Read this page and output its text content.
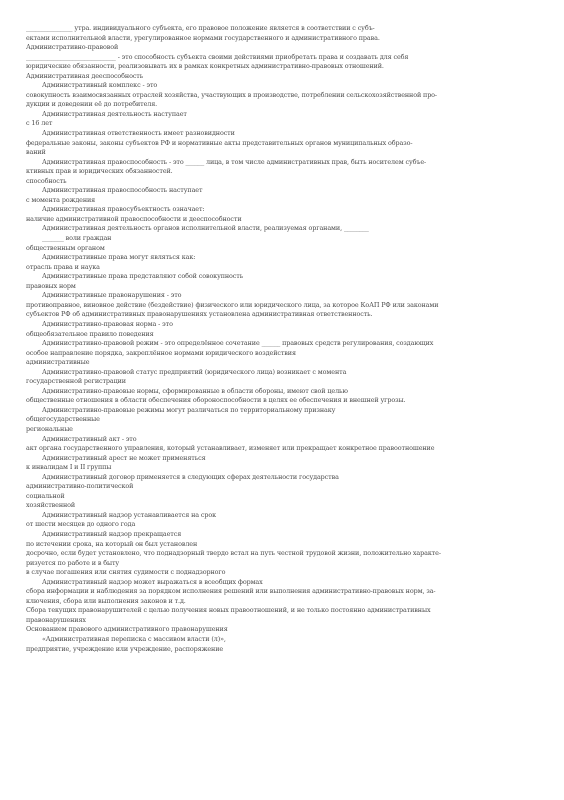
_______________ утра. индивидуального субъекта, его правовое положение является в соответствии с субъ-
ектами исполнительной власти, урегулированное нормами государственного и административного права.
Административно-правовой
_____________________________ - это способность субъекта своими действиями приобретать права и создавать для себя
юридические обязанности, реализовывать их в рамках конкретных административно-правовых отношений.
Административная дееспособность
Административный комплекс - это
совокупность взаимосвязанных отраслей хозяйства, участвующих в производстве, потреблении сельскохозяйственной про-
дукции и доведении её до потребителя.
Административная деятельность наступает
с 16 лет
Административная ответственность имеет разновидности
федеральные законы, законы субъектов РФ и нормативные акты представительных органов муниципальных образо-
ваний
Административная правоспособность - это ______ лица, в том числе административных прав, быть носителем субъе-
ктивных прав и юридических обязанностей.
способность
Административная правоспособность наступает
с момента рождения
Административная правосубъектность означает:
наличие административной правоспособности и дееспособности
Административная деятельность органов исполнительной власти, реализуемая органами, ________
_______ воли граждан
общественным органом
Административные права могут являться как:
отрасль права и наука
Административные права представляют собой совокупность
правовых норм
Административные правонарушения - это
противоправное, виновное действие (бездействие) физического или юридического лица, за которое КоАП РФ или законами
субъектов РФ об административных правонарушениях установлена административная ответственность.
Административно-правовая норма - это
общеобязательное правило поведения
Административно-правовой режим - это определённое сочетание ______ правовых средств регулирования, создающих
особое направление порядка, закреплённое нормами юридического воздействия
административные
Административно-правовой статус предприятий (юридического лица) возникает с момента
государственной регистрации
Административно-правовые нормы, сформированные в области обороны, имеют свой целью
общественные отношения в области обеспечения обороноспособности в целях ее обеспечения и внешней угрозы.
Административно-правовые режимы могут различаться по территориальному признаку
общегосударственные
региональные
Административный акт - это
акт органа государственного управления, который устанавливает, изменяет или прекращает конкретное правоотношение
Административный арест не может применяться
к инвалидам I и II группы
Административный договор применяется в следующих сферах деятельности государства
административно-политической
социальной
хозяйственной
Административный надзор устанавливается на срок
от шести месяцев до одного года
Административный надзор прекращается
по истечении срока, на который он был установлен
досрочно, если будет установлено, что поднадзорный твердо встал на путь честной трудовой жизни, положительно характе-
ризуется по работе и в быту
в случае погашения или снятия судимости с поднадзорного
Административный надзор может выражаться в всеобщих формах
сбора информации и наблюдения за порядком исполнения решений или выполнения административно-правовых норм, за-
ключения, сбора или выполнения законов и т.д.
Сбора текущих правонарушителей с целью получения новых правоотношений, и не только постоянно административных
правонарушениях
Основанием правового административного правонарушения
«Административная переписка с массивом власти (л)»,
предприятие, учреждение или учреждение, распоряжение
